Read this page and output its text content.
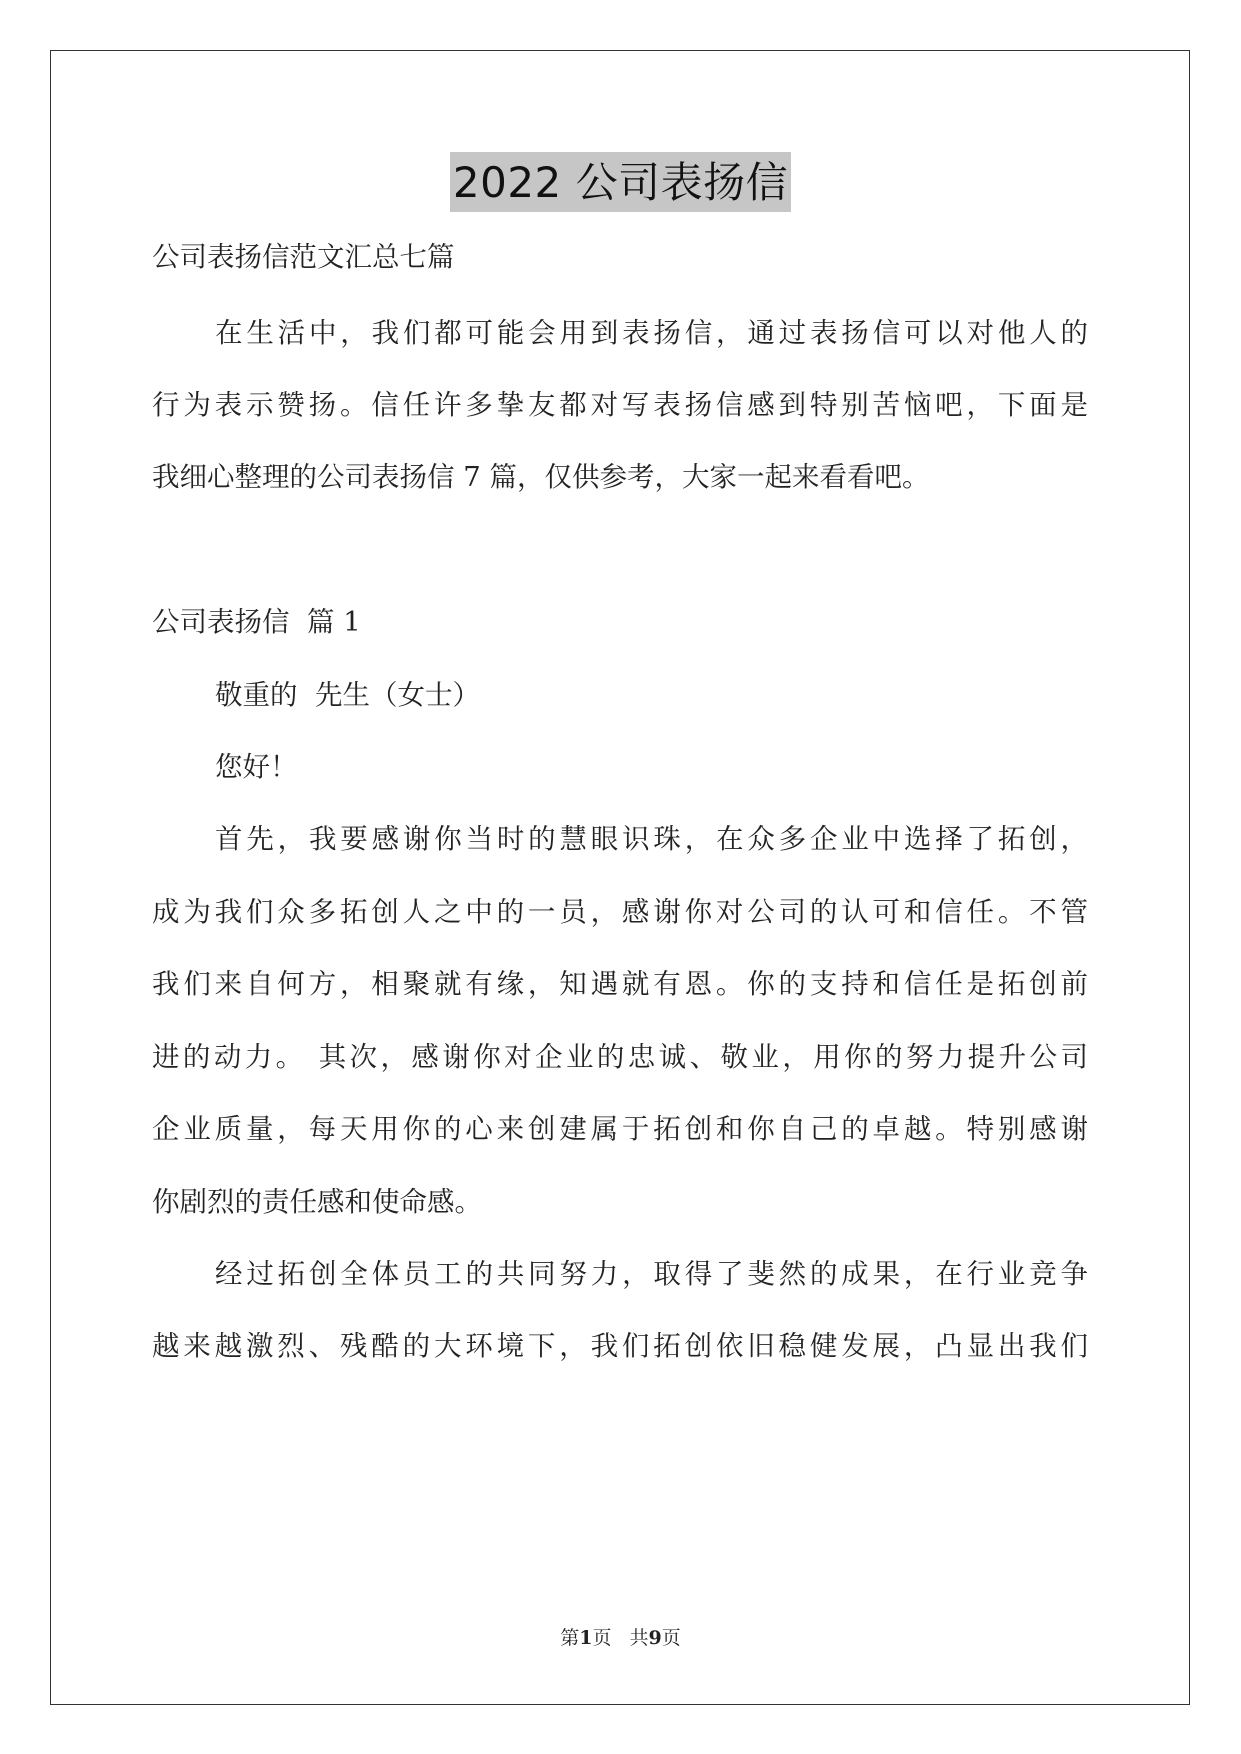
2022 公司表扬信
公司表扬信范文汇总七篇
在生活中，我们都可能会用到表扬信，通过表扬信可以对他人的
行为表示赞扬。信任许多挚友都对写表扬信感到特别苦恼吧，下面是
我细心整理的公司表扬信 7 篇，仅供参考，大家一起来看看吧。
公司表扬信  篇 1
敬重的  先生（女士）
您好！
首先，我要感谢你当时的慧眼识珠，在众多企业中选择了拓创，
成为我们众多拓创人之中的一员，感谢你对公司的认可和信任。不管
我们来自何方，相聚就有缘，知遇就有恩。你的支持和信任是拓创前
进的动力。 其次，感谢你对企业的忠诚、敬业，用你的努力提升公司
企业质量，每天用你的心来创建属于拓创和你自己的卓越。特别感谢
你剧烈的责任感和使命感。
经过拓创全体员工的共同努力，取得了斐然的成果，在行业竞争
越来越激烈、残酷的大环境下，我们拓创依旧稳健发展，凸显出我们
第1页 共9页
